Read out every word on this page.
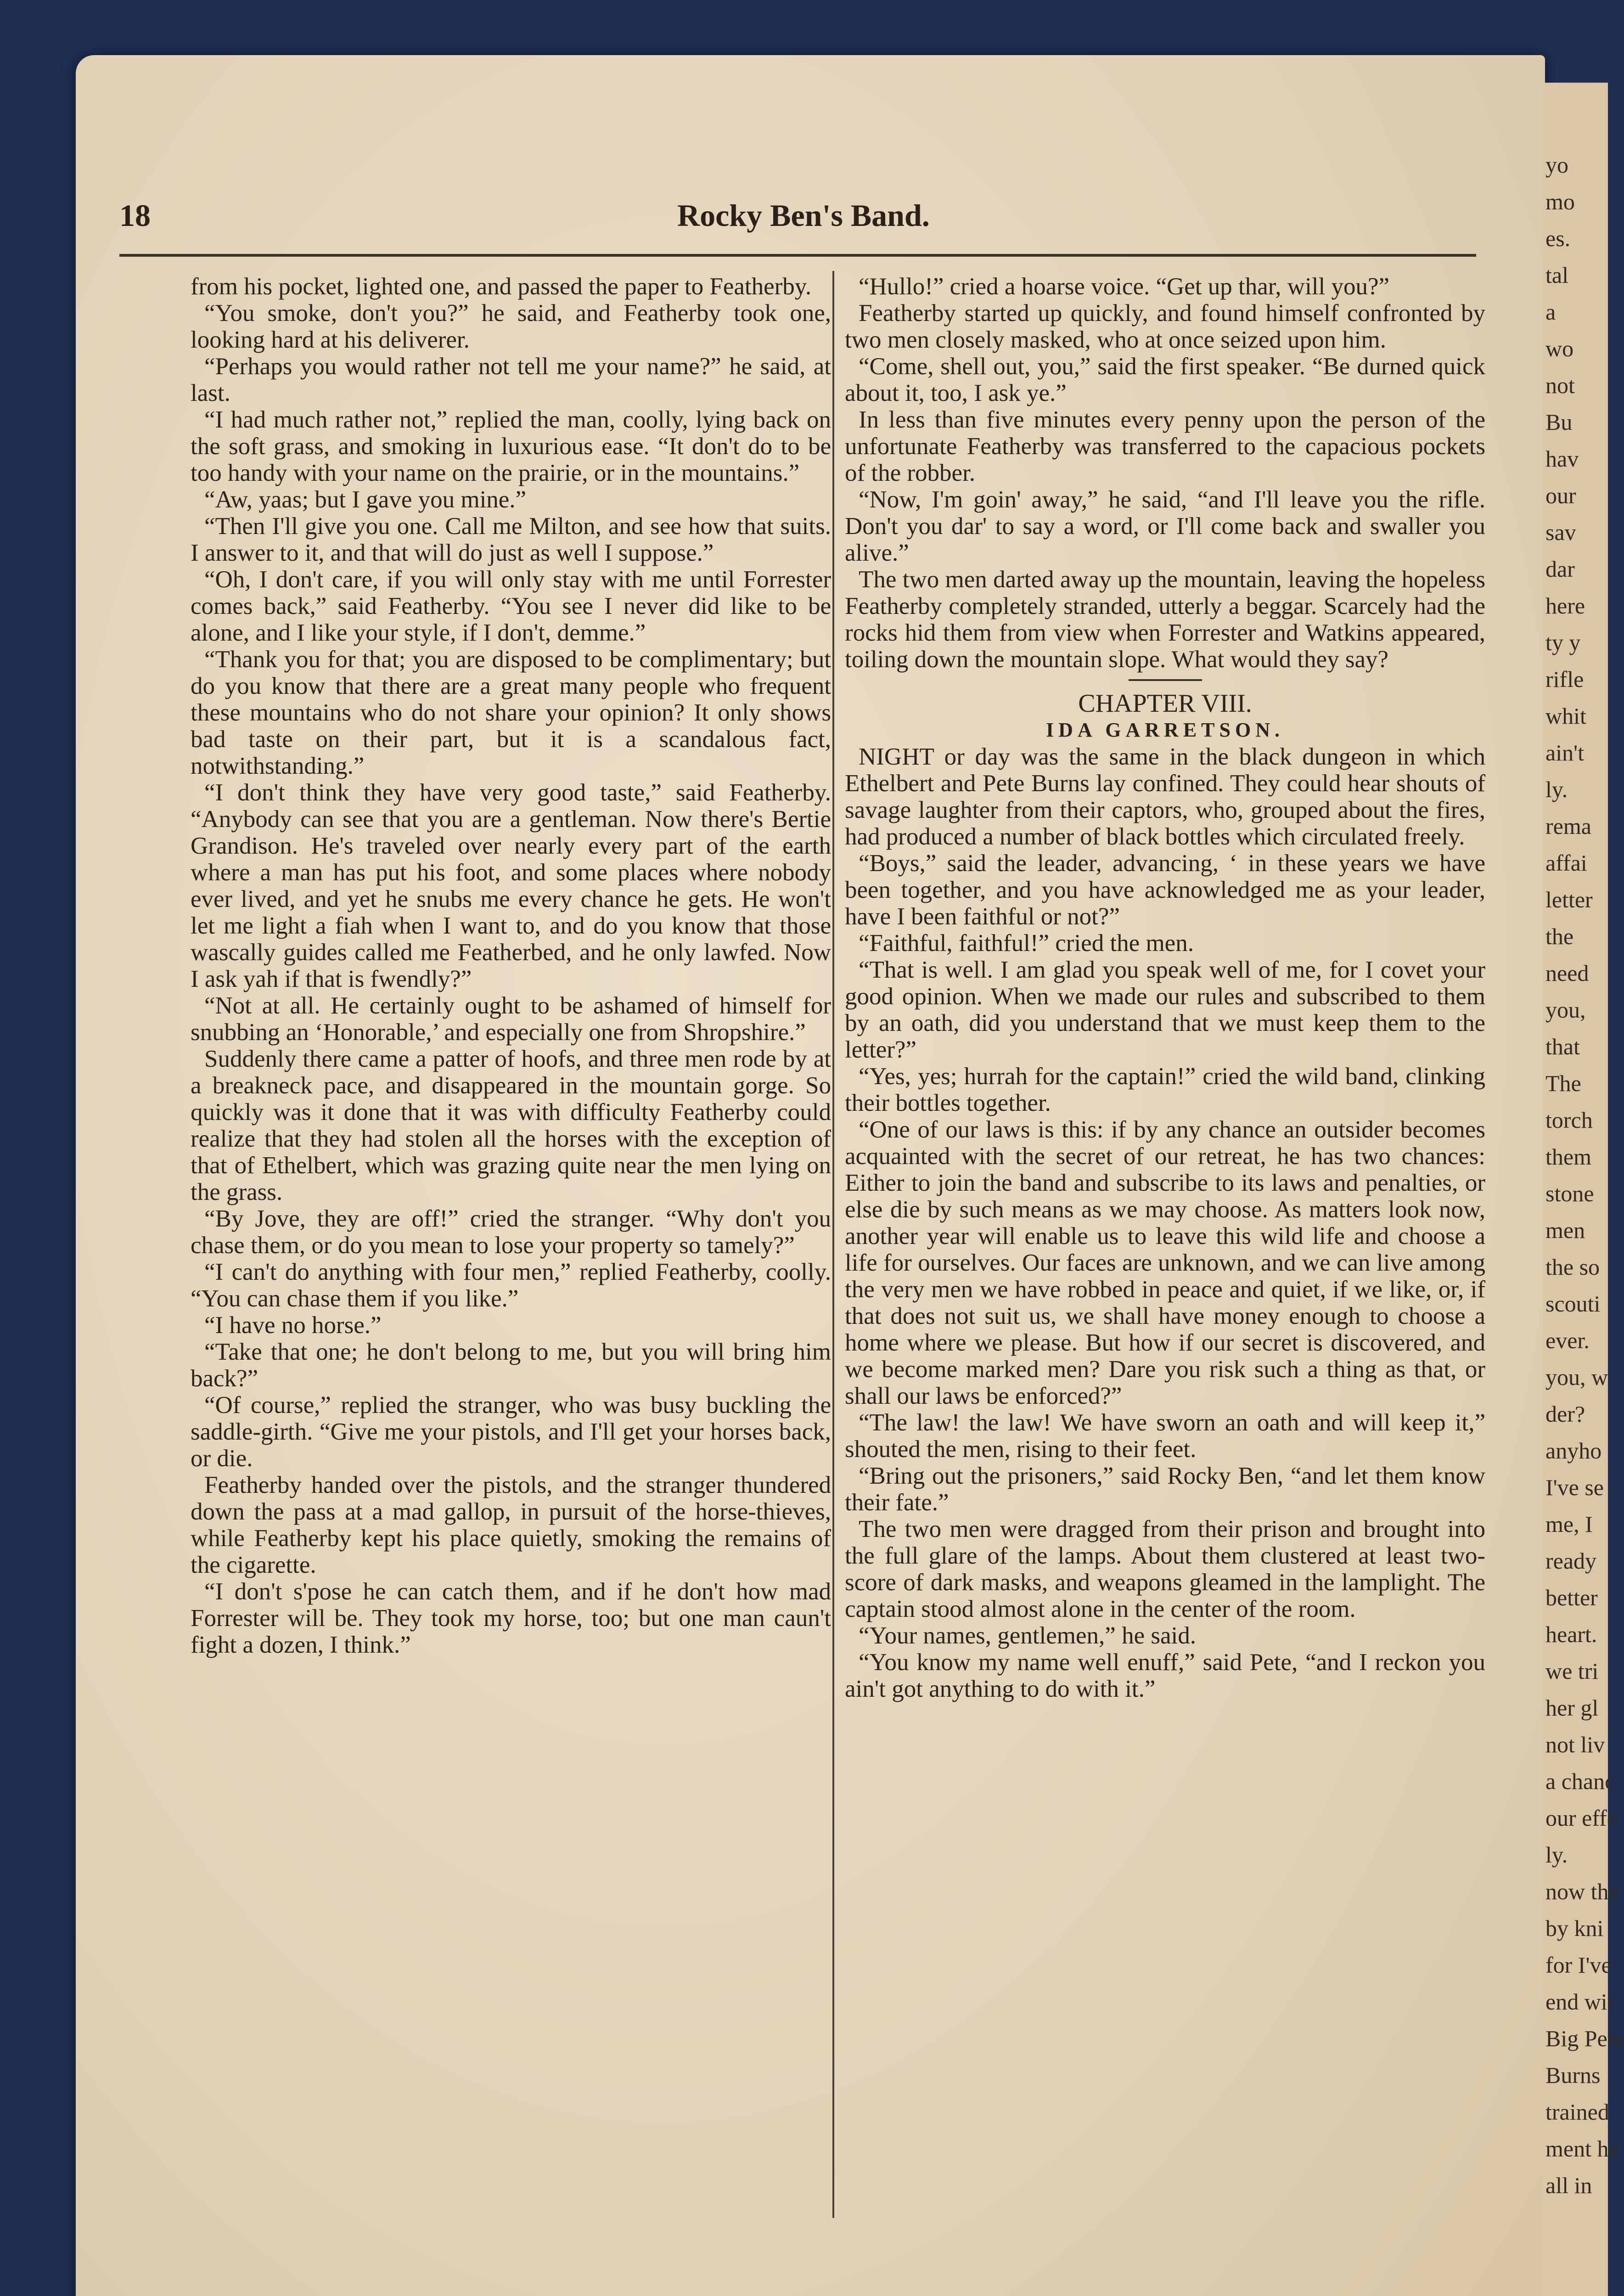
yo
mo
es.
tal
a
wo
not
Bu
hav
our
sav
dar
here
ty y
rifle
whit
ain't
ly.
rema
affai
letter
the
need
you,
that
The
torch
them
stone
men
the so
scouti
ever.
you, w
der?
anyho
I've se
me, I
ready
better
heart.
we tri
her gl
not liv
a chanc
our effo
ly.
now the
by kni
for I've
end wit
Big Pete
Burns
trained
ment he
all in
18	Rocky Ben's Band.

from his pocket, lighted one, and passed the paper to Featherby.

“You smoke, don't you?” he said, and Featherby took one, looking hard at his deliverer.

“Perhaps you would rather not tell me your name?” he said, at last.

“I had much rather not,” replied the man, coolly, lying back on the soft grass, and smoking in luxurious ease. “It don't do to be too handy with your name on the prairie, or in the mountains.”

“Aw, yaas; but I gave you mine.”

“Then I'll give you one. Call me Milton, and see how that suits. I answer to it, and that will do just as well I suppose.”

“Oh, I don't care, if you will only stay with me until Forrester comes back,” said Featherby. “You see I never did like to be alone, and I like your style, if I don't, demme.”

“Thank you for that; you are disposed to be complimentary; but do you know that there are a great many people who frequent these mountains who do not share your opinion? It only shows bad taste on their part, but it is a scandalous fact, notwithstanding.”

“I don't think they have very good taste,” said Featherby. “Anybody can see that you are a gentleman. Now there's Bertie Grandison. He's traveled over nearly every part of the earth where a man has put his foot, and some places where nobody ever lived, and yet he snubs me every chance he gets. He won't let me light a fiah when I want to, and do you know that those wascally guides called me Featherbed, and he only lawfed. Now I ask yah if that is fwendly?”

“Not at all. He certainly ought to be ashamed of himself for snubbing an ‘Honorable,’ and especially one from Shropshire.”

Suddenly there came a patter of hoofs, and three men rode by at a breakneck pace, and disappeared in the mountain gorge. So quickly was it done that it was with difficulty Featherby could realize that they had stolen all the horses with the exception of that of Ethelbert, which was grazing quite near the men lying on the grass.

“By Jove, they are off!” cried the stranger. “Why don't you chase them, or do you mean to lose your property so tamely?”

“I can't do anything with four men,” replied Featherby, coolly. “You can chase them if you like.”

“I have no horse.”

“Take that one; he don't belong to me, but you will bring him back?”

“Of course,” replied the stranger, who was busy buckling the saddle-girth. “Give me your pistols, and I'll get your horses back, or die.

Featherby handed over the pistols, and the stranger thundered down the pass at a mad gallop, in pursuit of the horse-thieves, while Featherby kept his place quietly, smoking the remains of the cigarette.

“I don't s'pose he can catch them, and if he don't how mad Forrester will be. They took my horse, too; but one man caun't fight a dozen, I think.”

“Hullo!” cried a hoarse voice. “Get up thar, will you?”

Featherby started up quickly, and found himself confronted by two men closely masked, who at once seized upon him.

“Come, shell out, you,” said the first speaker. “Be durned quick about it, too, I ask ye.”

In less than five minutes every penny upon the person of the unfortunate Featherby was transferred to the capacious pockets of the robber.

“Now, I'm goin' away,” he said, “and I'll leave you the rifle. Don't you dar' to say a word, or I'll come back and swaller you alive.”

The two men darted away up the mountain, leaving the hopeless Featherby completely stranded, utterly a beggar. Scarcely had the rocks hid them from view when Forrester and Watkins appeared, toiling down the mountain slope. What would they say?

CHAPTER VIII.

IDA GARRETSON.

NIGHT or day was the same in the black dungeon in which Ethelbert and Pete Burns lay confined. They could hear shouts of savage laughter from their captors, who, grouped about the fires, had produced a number of black bottles which circulated freely.

“Boys,” said the leader, advancing, ‘ in these years we have been together, and you have acknowledged me as your leader, have I been faithful or not?”

“Faithful, faithful!” cried the men.

“That is well. I am glad you speak well of me, for I covet your good opinion. When we made our rules and subscribed to them by an oath, did you understand that we must keep them to the letter?”

“Yes, yes; hurrah for the captain!” cried the wild band, clinking their bottles together.

“One of our laws is this: if by any chance an outsider becomes acquainted with the secret of our retreat, he has two chances: Either to join the band and subscribe to its laws and penalties, or else die by such means as we may choose. As matters look now, another year will enable us to leave this wild life and choose a life for ourselves. Our faces are unknown, and we can live among the very men we have robbed in peace and quiet, if we like, or, if that does not suit us, we shall have money enough to choose a home where we please. But how if our secret is discovered, and we become marked men? Dare you risk such a thing as that, or shall our laws be enforced?”

“The law! the law! We have sworn an oath and will keep it,” shouted the men, rising to their feet.

“Bring out the prisoners,” said Rocky Ben, “and let them know their fate.”

The two men were dragged from their prison and brought into the full glare of the lamps. About them clustered at least two-score of dark masks, and weapons gleamed in the lamplight. The captain stood almost alone in the center of the room.

“Your names, gentlemen,” he said.

“You know my name well enuff,” said Pete, “and I reckon you ain't got anything to do with it.”
